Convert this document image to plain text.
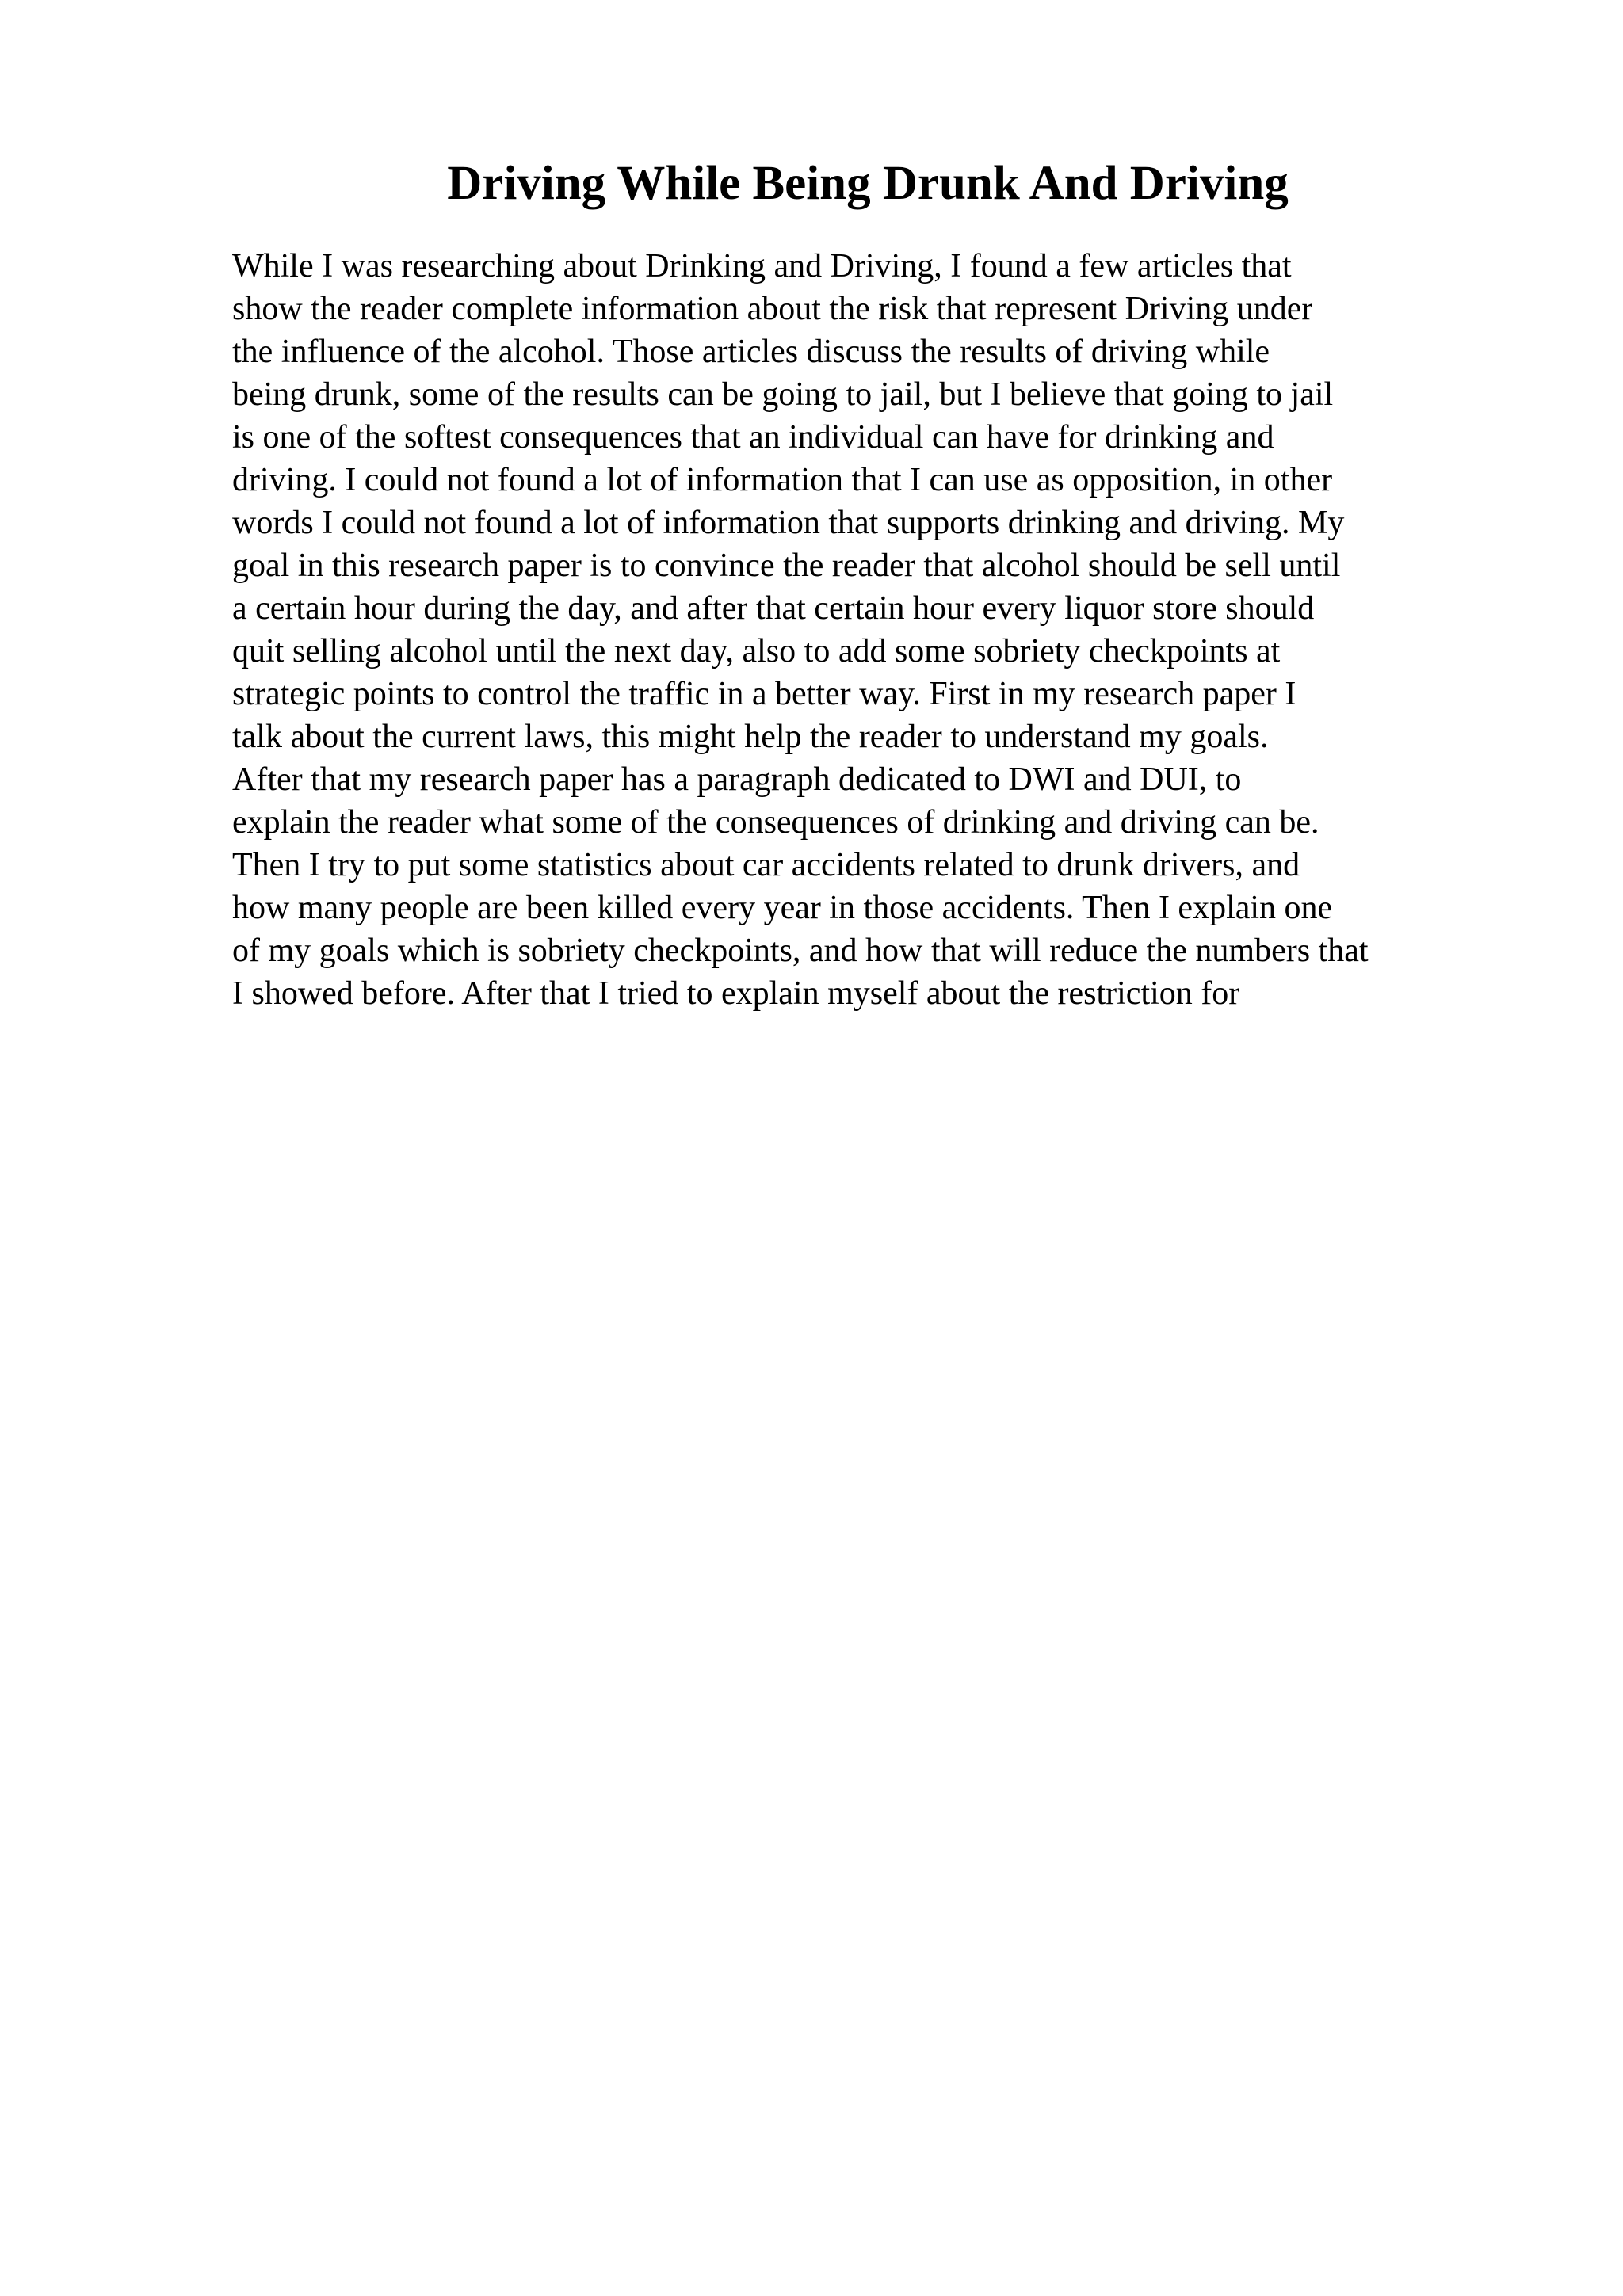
Driving While Being Drunk And Driving
While I was researching about Drinking and Driving, I found a few articles that
show the reader complete information about the risk that represent Driving under
the influence of the alcohol. Those articles discuss the results of driving while
being drunk, some of the results can be going to jail, but I believe that going to jail
is one of the softest consequences that an individual can have for drinking and
driving. I could not found a lot of information that I can use as opposition, in other
words I could not found a lot of information that supports drinking and driving. My
goal in this research paper is to convince the reader that alcohol should be sell until
a certain hour during the day, and after that certain hour every liquor store should
quit selling alcohol until the next day, also to add some sobriety checkpoints at
strategic points to control the traffic in a better way. First in my research paper I
talk about the current laws, this might help the reader to understand my goals.
After that my research paper has a paragraph dedicated to DWI and DUI, to
explain the reader what some of the consequences of drinking and driving can be.
Then I try to put some statistics about car accidents related to drunk drivers, and
how many people are been killed every year in those accidents. Then I explain one
of my goals which is sobriety checkpoints, and how that will reduce the numbers that
I showed before. After that I tried to explain myself about the restriction for
